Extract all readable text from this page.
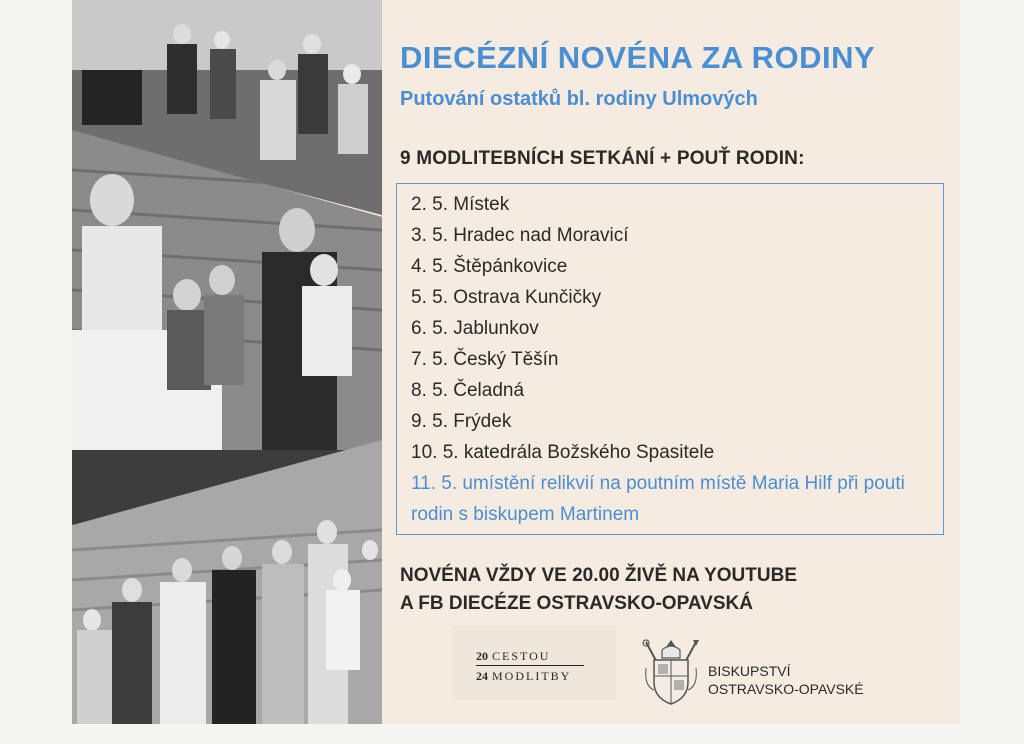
DIECÉZNÍ NOVÉNA ZA RODINY
Putování ostatků bl. rodiny Ulmových
9 MODLITEBNÍCH SETKÁNÍ + POUŤ RODIN:
2. 5. Místek
3. 5. Hradec nad Moravicí
4. 5. Štěpánkovice
5. 5. Ostrava Kunčičky
6. 5. Jablunkov
7. 5. Český Těšín
8. 5. Čeladná
9. 5. Frýdek
10. 5. katedrála Božského Spasitele
11. 5. umístění relikvií na poutním místě Maria Hilf při pouti rodin s biskupem Martinem

NOVÉNA VŽDY VE 20.00 ŽIVĚ NA YOUTUBE
A FB DIECÉZE OSTRAVSKO-OPAVSKÁ

20 CESTOU
24 MODLITBY	BISKUPSTVÍ
OSTRAVSKO-OPAVSKÉ
